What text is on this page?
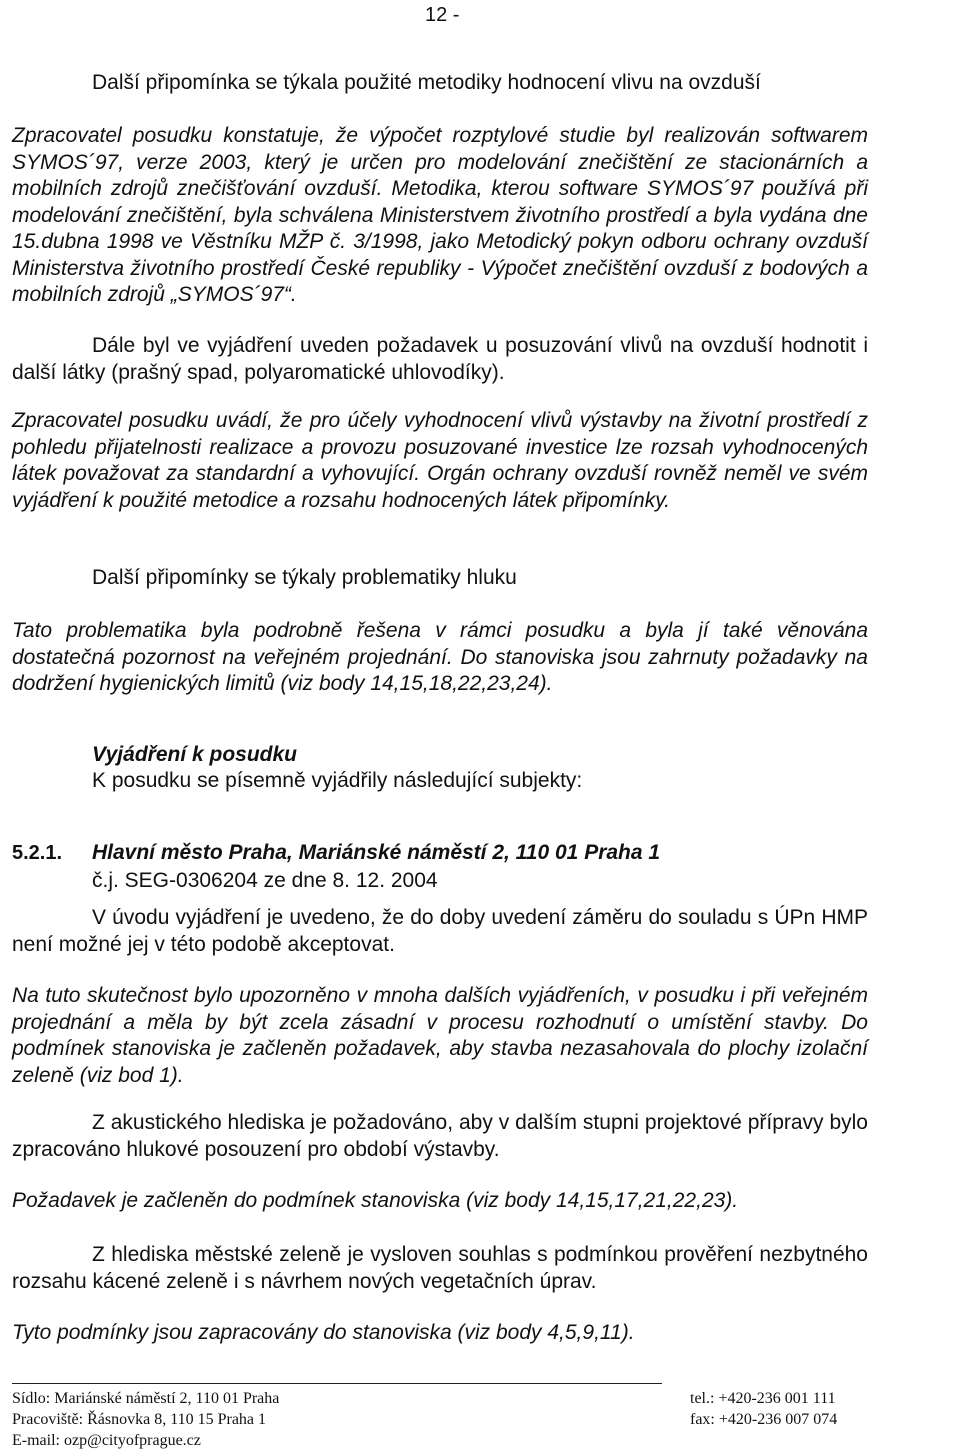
12 -
Další připomínka se týkala použité metodiky hodnocení vlivu na ovzduší
Zpracovatel posudku konstatuje, že výpočet rozptylové studie byl realizován softwarem SYMOS´97, verze 2003, který je určen pro modelování znečištění ze stacionárních a mobilních zdrojů znečišťování ovzduší. Metodika, kterou software SYMOS´97 používá při modelování znečištění, byla schválena Ministerstvem životního prostředí a byla vydána dne 15.dubna 1998 ve Věstníku MŽP č. 3/1998, jako Metodický pokyn odboru ochrany ovzduší Ministerstva životního prostředí České republiky - Výpočet znečištění ovzduší z bodových a mobilních zdrojů „SYMOS´97“.
Dále byl ve vyjádření uveden požadavek u posuzování vlivů na ovzduší hodnotit i další látky (prašný spad, polyaromatické uhlovodíky).
Zpracovatel posudku uvádí, že pro účely vyhodnocení vlivů výstavby na životní prostředí z pohledu přijatelnosti realizace a provozu posuzované investice lze rozsah vyhodnocených látek považovat za standardní a vyhovující. Orgán ochrany ovzduší rovněž neměl ve svém vyjádření k použité metodice a rozsahu hodnocených látek připomínky.
Další připomínky se týkaly problematiky hluku
Tato problematika byla podrobně řešena v rámci posudku a byla jí také věnována dostatečná pozornost na veřejném projednání. Do stanoviska jsou zahrnuty požadavky na dodržení hygienických limitů (viz body 14,15,18,22,23,24).
Vyjádření k posudku
K posudku se písemně vyjádřily následující subjekty:
5.2.1. Hlavní město Praha, Mariánské náměstí 2, 110 01 Praha 1
č.j. SEG-0306204 ze dne 8. 12. 2004
V úvodu vyjádření je uvedeno, že do doby uvedení záměru do souladu s ÚPn HMP není možné jej v této podobě akceptovat.
Na tuto skutečnost bylo upozorněno v mnoha dalších vyjádřeních, v posudku i při veřejném projednání a měla by být zcela zásadní v procesu rozhodnutí o umístění stavby. Do podmínek stanoviska je začleněn požadavek, aby stavba nezasahovala do plochy izolační zeleně (viz bod 1).
Z akustického hlediska je požadováno, aby v dalším stupni projektové přípravy bylo zpracováno hlukové posouzení pro období výstavby.
Požadavek je začleněn do podmínek stanoviska (viz body 14,15,17,21,22,23).
Z hlediska městské zeleně je vysloven souhlas s podmínkou prověření nezbytného rozsahu kácené zeleně i s návrhem nových vegetačních úprav.
Tyto podmínky jsou zapracovány do stanoviska (viz body 4,5,9,11).
Sídlo: Mariánské náměstí 2, 110 01 Praha
Pracoviště: Řásnovka 8, 110 15 Praha 1
E-mail: ozp@cityofprague.cz
tel.: +420-236 001 111
fax: +420-236 007 074
